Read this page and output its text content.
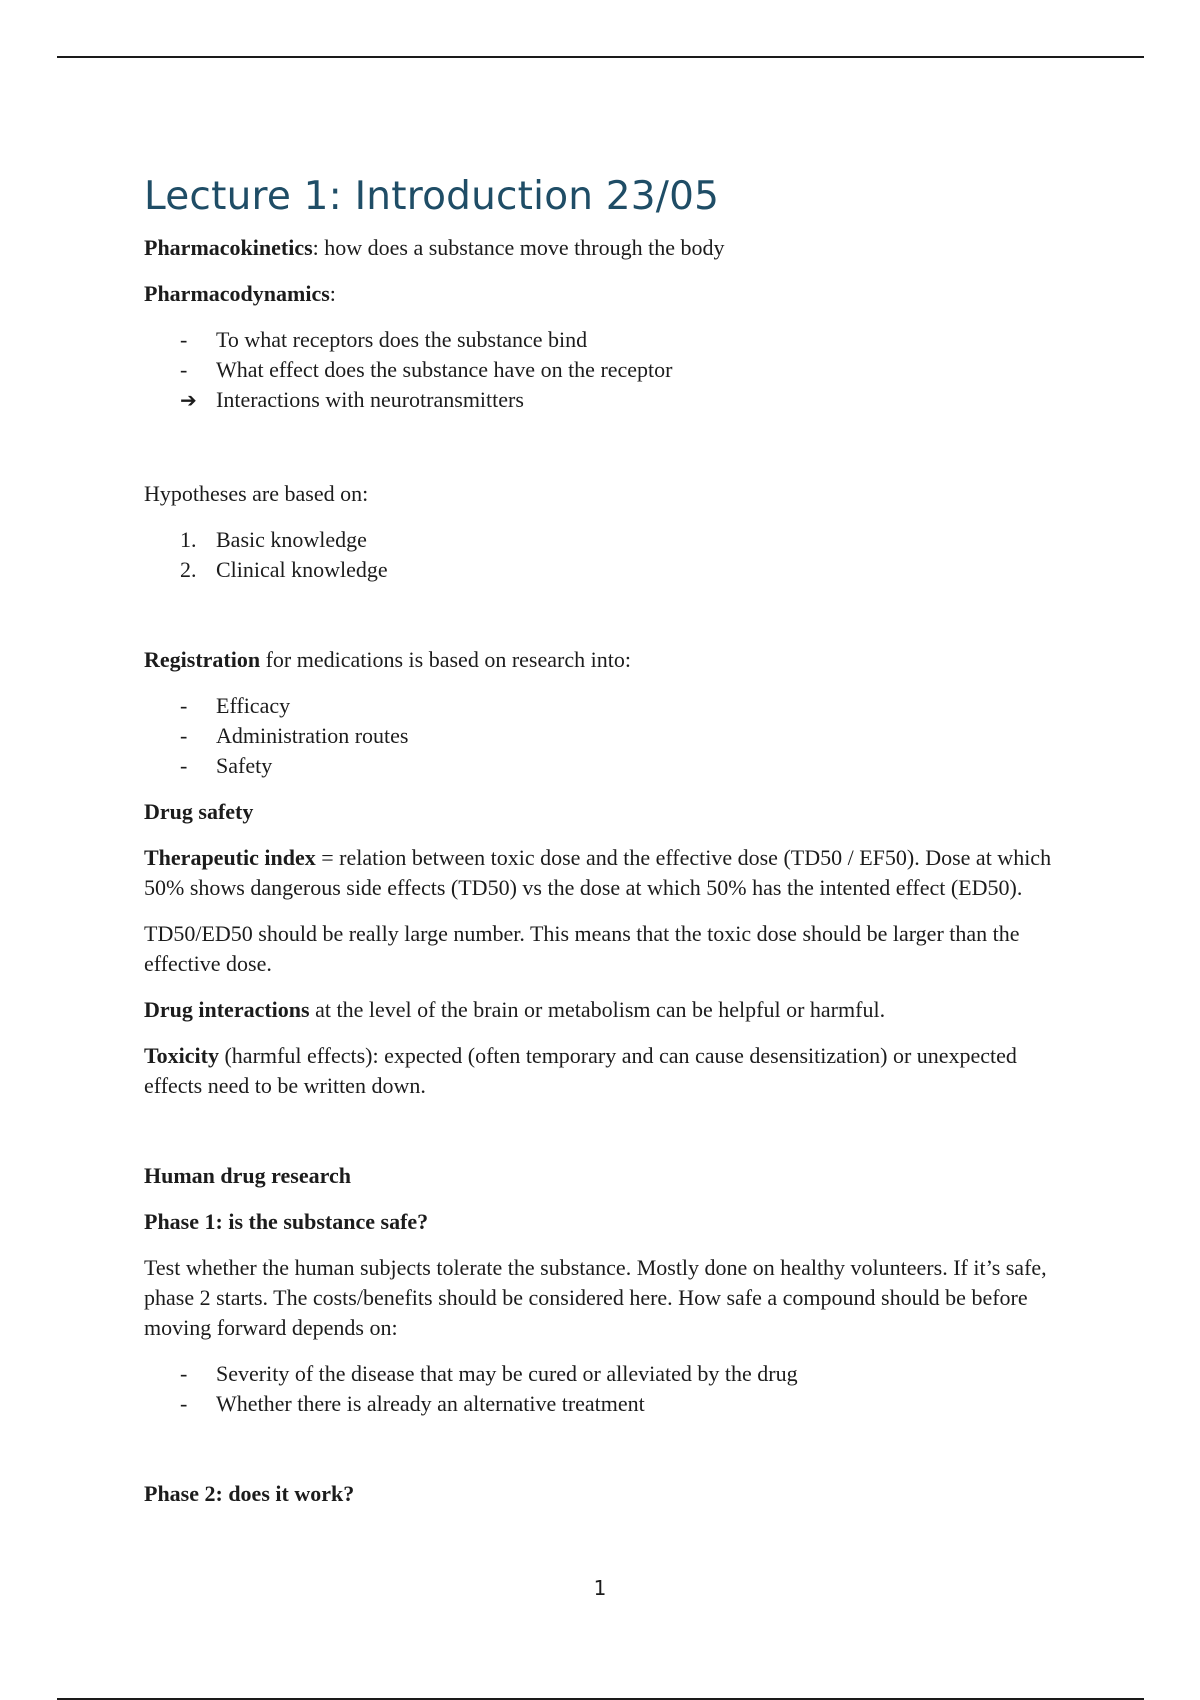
Lecture 1: Introduction 23/05

Pharmacokinetics: how does a substance move through the body

Pharmacodynamics:

- To what receptors does the substance bind
- What effect does the substance have on the receptor
➔ Interactions with neurotransmitters

Hypotheses are based on:

1. Basic knowledge
2. Clinical knowledge

Registration for medications is based on research into:

- Efficacy
- Administration routes
- Safety

Drug safety

Therapeutic index = relation between toxic dose and the effective dose (TD50 / EF50). Dose at which 50% shows dangerous side effects (TD50) vs the dose at which 50% has the intented effect (ED50).

TD50/ED50 should be really large number. This means that the toxic dose should be larger than the effective dose.

Drug interactions at the level of the brain or metabolism can be helpful or harmful.

Toxicity (harmful effects): expected (often temporary and can cause desensitization) or unexpected effects need to be written down.

Human drug research

Phase 1: is the substance safe?

Test whether the human subjects tolerate the substance. Mostly done on healthy volunteers. If it’s safe, phase 2 starts. The costs/benefits should be considered here. How safe a compound should be before moving forward depends on:

- Severity of the disease that may be cured or alleviated by the drug
- Whether there is already an alternative treatment

Phase 2: does it work?

1
